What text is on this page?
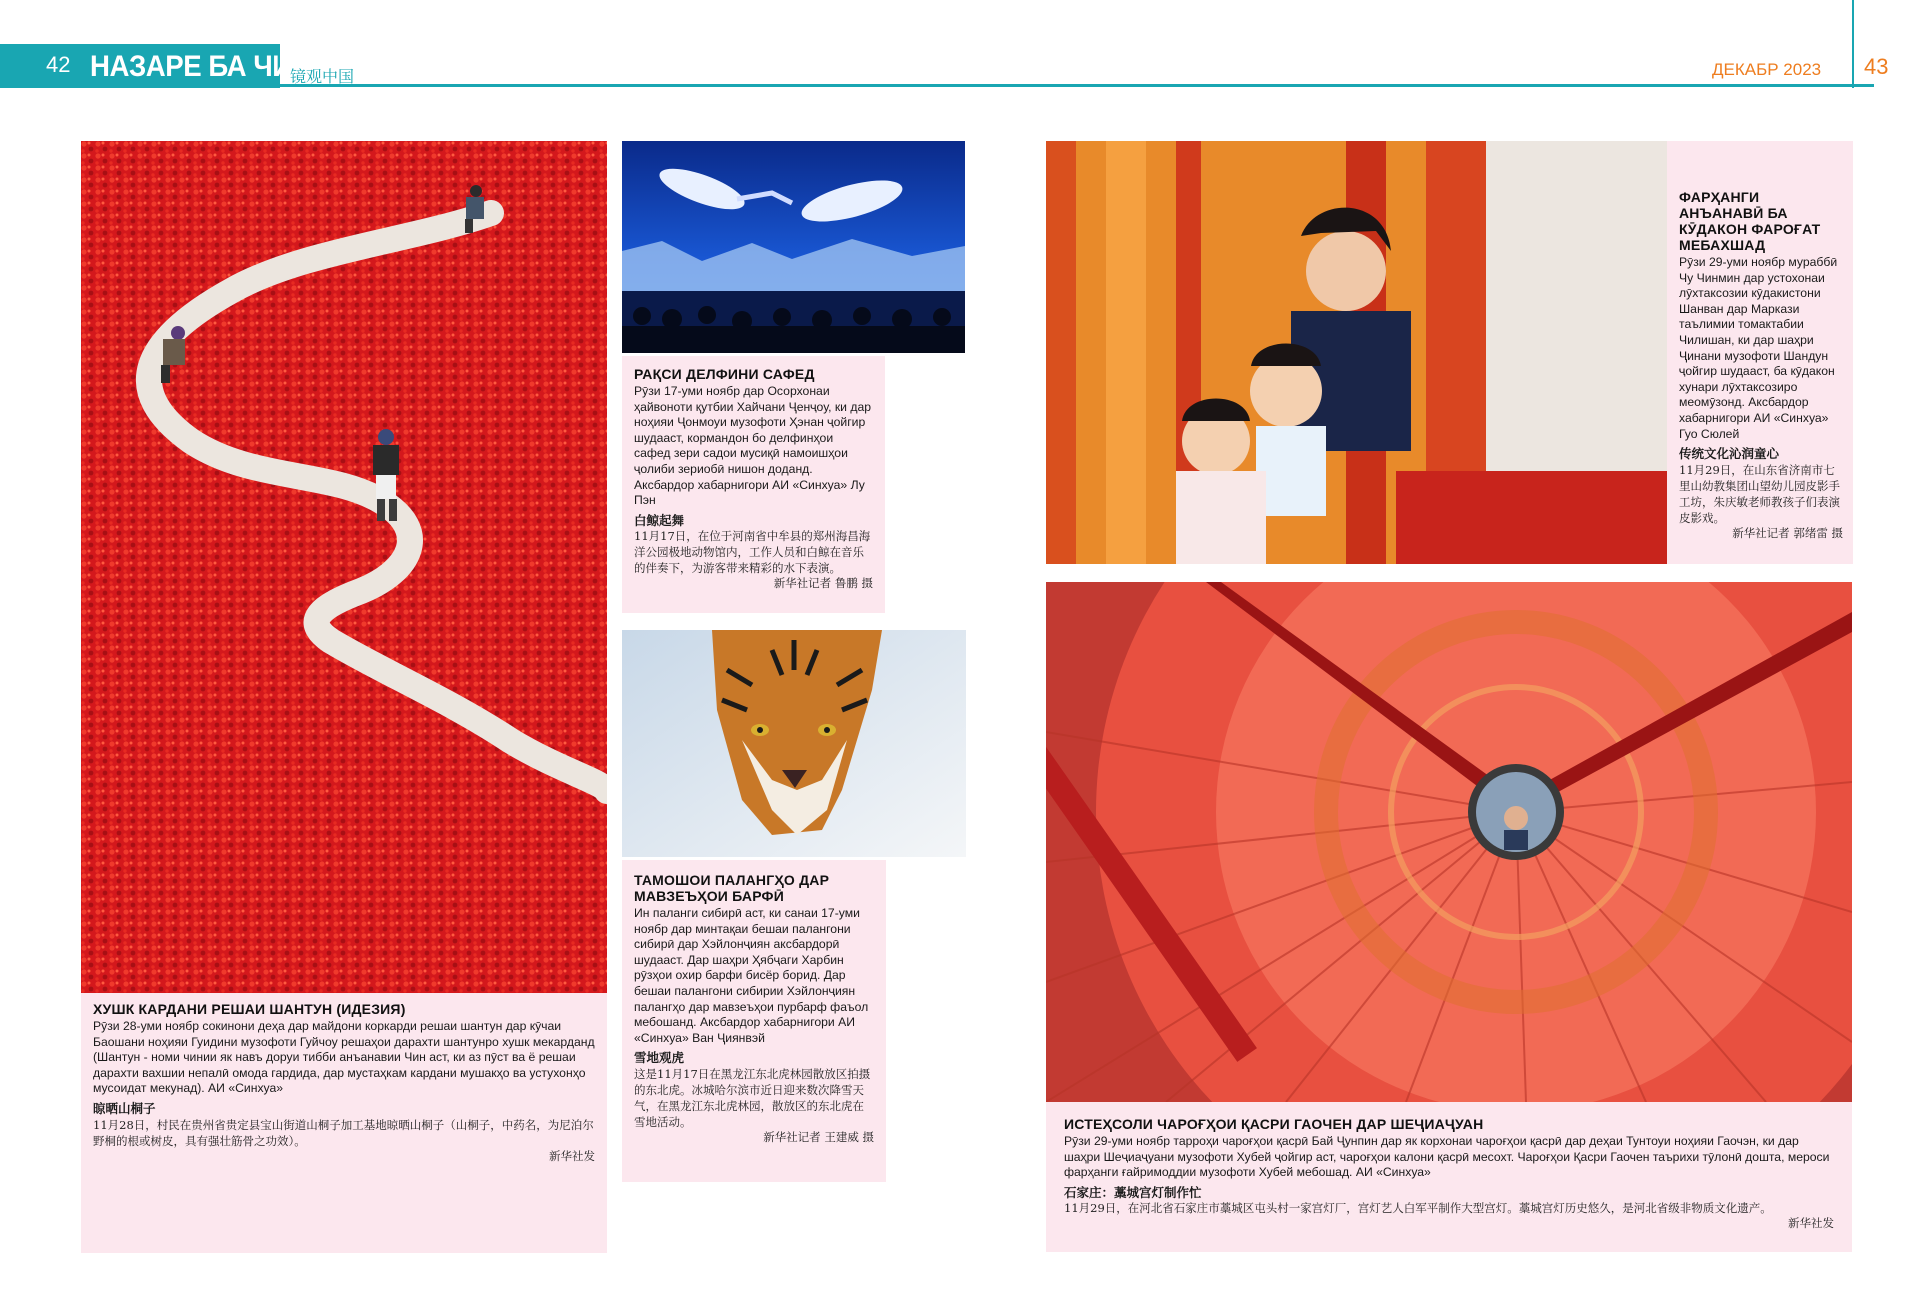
42 НАЗАРЕ БА ЧИН
镜观中国	ДЕКАБР 2023 43
ХУШК КАРДАНИ РЕШАИ ШАНТУН (ИДЕЗИЯ)

Рӯзи 28-уми ноябр сокинони деҳа дар майдони коркарди решаи шантун дар кӯчаи Баошани ноҳияи Гуидини музофоти Гуйчоу решаҳои дарахти шантунро хушк мекарданд (Шантун - номи чинии як навъ доруи тибби анъанавии Чин аст, ки аз пӯст ва ё решаи дарахти вахшии непалӣ омода гардида, дар мустаҳкам кардани мушакҳо ва устухонҳо мусоидат мекунад). АИ «Синхуа»

晾晒山桐子

11月28日，村民在贵州省贵定县宝山街道山桐子加工基地晾晒山桐子（山桐子，中药名，为尼泊尔野桐的根或树皮，具有强壮筋骨之功效）。

新华社发

РАҚСИ ДЕЛФИНИ САФЕД

Рӯзи 17-уми ноябр дар Осорхонаи ҳайвоноти қутбии Хайчани Ҷенҷоу, ки дар ноҳияи Ҷонмоуи музофоти Ҳэнан ҷойгир шудааст, кормандон бо делфинҳои сафед зери садои мусиқӣ намоишҳои ҷолиби зериобӣ нишон доданд. Аксбардор хабарнигори АИ «Синхуа» Лу Пэн

白鲸起舞

11月17日，在位于河南省中牟县的郑州海昌海洋公园极地动物馆内，工作人员和白鲸在音乐的伴奏下，为游客带来精彩的水下表演。

新华社记者 鲁鹏 摄

ТАМОШОИ ПАЛАНГҲО ДАР МАВЗЕЪҲОИ БАРФӢ

Ин паланги сибирӣ аст, ки санаи 17-уми ноябр дар минтақаи бешаи палангони сибирӣ дар Хэйлонҷиян аксбардорӣ шудааст. Дар шаҳри Ҳябҷаги Харбин рӯзҳои охир барфи бисёр борид. Дар бешаи палангони сибирии Хэйлонҷиян палангҳо дар мавзеъҳои пурбарф фаъол мебошанд. Аксбардор хабарнигори АИ «Синхуа» Ван Ҷиянвэй

雪地观虎

这是11月17日在黑龙江东北虎林园散放区拍摄的东北虎。冰城哈尔滨市近日迎来数次降雪天气，在黑龙江东北虎林园，散放区的东北虎在雪地活动。

新华社记者 王建威 摄

ФАРҲАНГИ АНЪАНАВӢ БА КӮДАКОН ФАРОҒАТ МЕБАХШАД

Рӯзи 29-уми ноябр мураббӣ Чу Чинмин дар устохонаи лӯхтаксозии кӯдакистони Шанван дар Маркази таълимии томактабии Чилишан, ки дар шаҳри Ҷинани музофоти Шандун ҷойгир шудааст, ба кӯдакон хунари лӯхтаксозиро меомӯзонд. Аксбардор хабарнигори АИ «Синхуа» Гуо Сюлей

传统文化沁润童心

11月29日，在山东省济南市七里山幼教集团山望幼儿园皮影手工坊，朱庆敏老师教孩子们表演皮影戏。

新华社记者 郭绪雷 摄

ИСТЕҲСОЛИ ЧАРОҒҲОИ ҚАСРИ ГАОЧЕН ДАР ШЕҶИАҶУАН

Рӯзи 29-уми ноябр тарроҳи чароғҳои қасрӣ Бай Ҷунпин дар як корхонаи чароғҳои қасрӣ дар деҳаи Тунтоуи ноҳияи Гаочэн, ки дар шаҳри Шеҷиаҷуани музофоти Хубей ҷойгир аст, чароғҳои калони қасрӣ месохт. Чароғҳои Қасри Гаочен таърихи тӯлонӣ дошта, мероси фарҳанги ғайримоддии музофоти Хубей мебошад. АИ «Синхуа»

石家庄：藁城宫灯制作忙

11月29日，在河北省石家庄市藁城区屯头村一家宫灯厂，宫灯艺人白军平制作大型宫灯。藁城宫灯历史悠久，是河北省级非物质文化遗产。

新华社发
